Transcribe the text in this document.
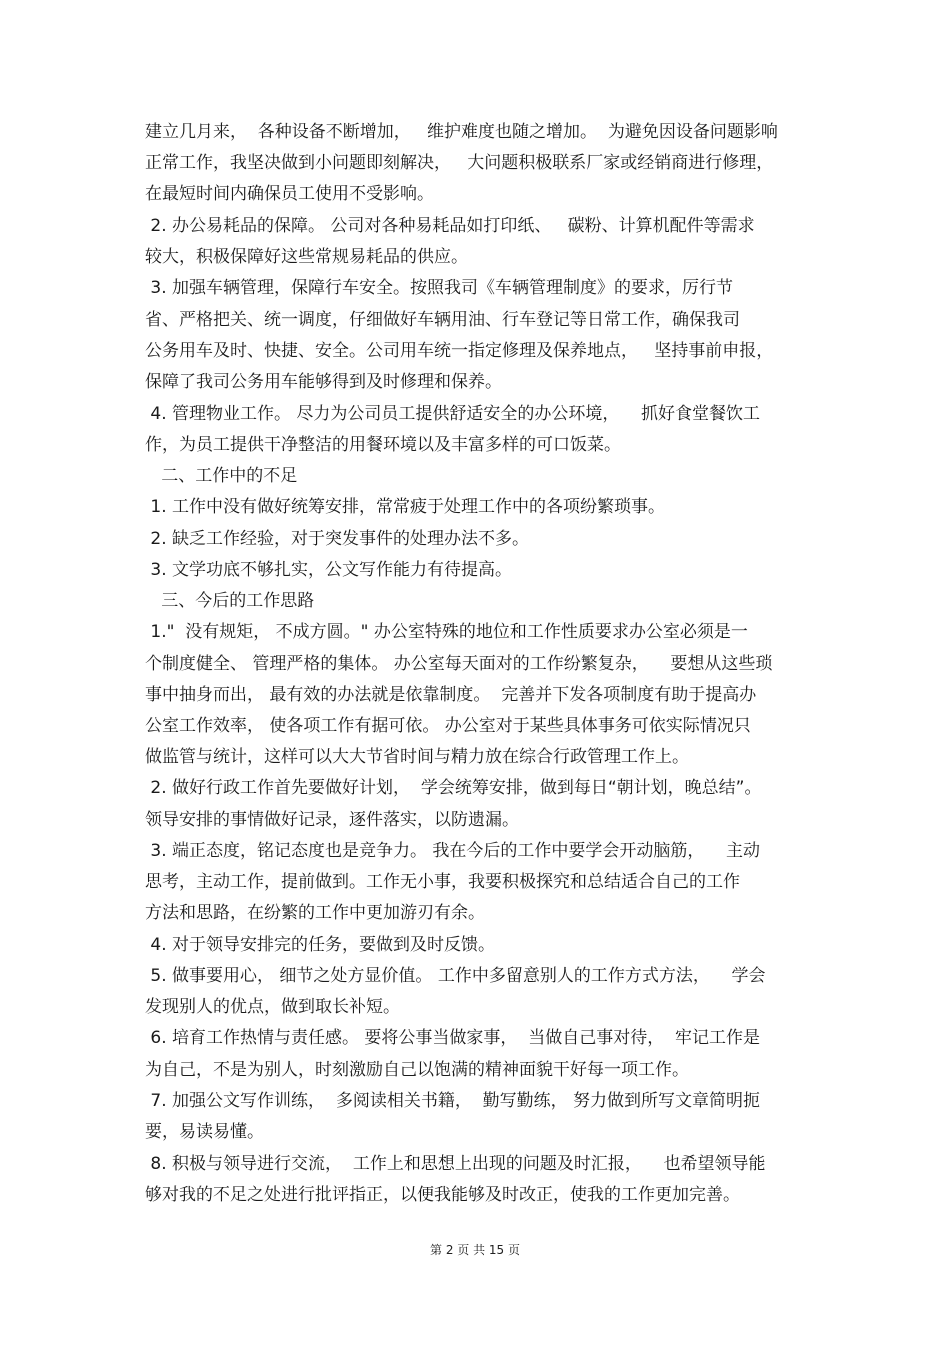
建立几月来，  各种设备不断增加，   维护难度也随之增加。  为避免因设备问题影响
正常工作，我坚决做到小问题即刻解决，   大问题积极联系厂家或经销商进行修理，
在最短时间内确保员工使用不受影响。
2. 办公易耗品的保障。 公司对各种易耗品如打印纸、   碳粉、计算机配件等需求
较大，积极保障好这些常规易耗品的供应。
3. 加强车辆管理，保障行车安全。按照我司《车辆管理制度》的要求，厉行节
省、严格把关、统一调度，仔细做好车辆用油、行车登记等日常工作，确保我司
公务用车及时、快捷、安全。公司用车统一指定修理及保养地点，   坚持事前申报，
保障了我司公务用车能够得到及时修理和保养。
4. 管理物业工作。 尽力为公司员工提供舒适安全的办公环境，    抓好食堂餐饮工
作，为员工提供干净整洁的用餐环境以及丰富多样的可口饭菜。
二、工作中的不足
1. 工作中没有做好统筹安排，常常疲于处理工作中的各项纷繁琐事。
2. 缺乏工作经验，对于突发事件的处理办法不多。
3. 文学功底不够扎实，公文写作能力有待提高。
三、今后的工作思路
1."  没有规矩， 不成方圆。" 办公室特殊的地位和工作性质要求办公室必须是一
个制度健全、 管理严格的集体。 办公室每天面对的工作纷繁复杂，    要想从这些琐
事中抽身而出， 最有效的办法就是依靠制度。  完善并下发各项制度有助于提高办
公室工作效率， 使各项工作有据可依。 办公室对于某些具体事务可依实际情况只
做监管与统计，这样可以大大节省时间与精力放在综合行政管理工作上。
2. 做好行政工作首先要做好计划，  学会统筹安排，做到每日“朝计划，晚总结”。
领导安排的事情做好记录，逐件落实，以防遗漏。
3. 端正态度，铭记态度也是竞争力。 我在今后的工作中要学会开动脑筋，    主动
思考，主动工作，提前做到。工作无小事，我要积极探究和总结适合自己的工作
方法和思路，在纷繁的工作中更加游刃有余。
4. 对于领导安排完的任务，要做到及时反馈。
5. 做事要用心， 细节之处方显价值。 工作中多留意别人的工作方式方法，    学会
发现别人的优点，做到取长补短。
6. 培育工作热情与责任感。 要将公事当做家事，  当做自己事对待，  牢记工作是
为自己，不是为别人，时刻激励自己以饱满的精神面貌干好每一项工作。
7. 加强公文写作训练，  多阅读相关书籍，  勤写勤练， 努力做到所写文章简明扼
要，易读易懂。
8. 积极与领导进行交流，  工作上和思想上出现的问题及时汇报，    也希望领导能
够对我的不足之处进行批评指正，以便我能够及时改正，使我的工作更加完善。
第 2 页 共 15 页
